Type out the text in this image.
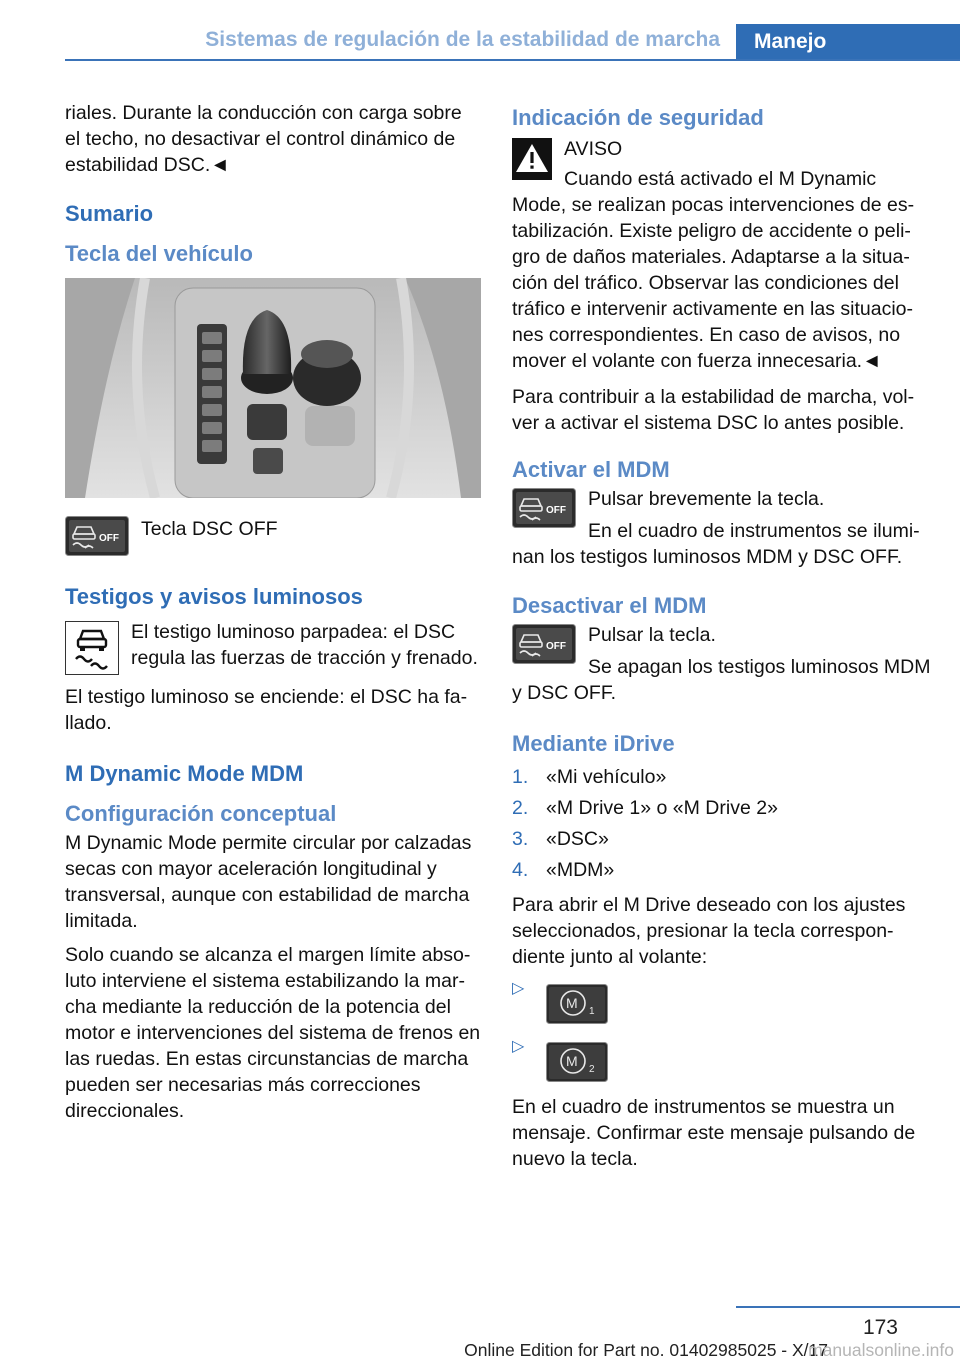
Sistemas de regulación de la estabilidad de marcha	Manejo

riales. Durante la conducción con carga sobre el techo, no desactivar el control dinámico de estabilidad DSC.◄

Sumario
Tecla del vehículo
OFF	Tecla DSC OFF

Testigos y avisos luminosos

El testigo luminoso parpadea: el DSC regula las fuerzas de tracción y frenado.

El testigo luminoso se enciende: el DSC ha fallado.

M Dynamic Mode MDM
Configuración conceptual

M Dynamic Mode permite circular por calzadas secas con mayor aceleración longitudinal y transversal, aunque con estabilidad de marcha limitada.

Solo cuando se alcanza el margen límite absoluto interviene el sistema estabilizando la marcha mediante la reducción de la potencia del motor e intervenciones del sistema de frenos en las ruedas. En estas circunstancias de marcha pueden ser necesarias más correcciones direccionales.

Indicación de seguridad

AVISO

Cuando está activado el M Dynamic Mode, se realizan pocas intervenciones de estabilización. Existe peligro de accidente o peligro de daños materiales. Adaptarse a la situación del tráfico. Observar las condiciones del tráfico e intervenir activamente en las situaciones correspondientes. En caso de avisos, no mover el volante con fuerza innecesaria.◄

Para contribuir a la estabilidad de marcha, volver a activar el sistema DSC lo antes posible.

Activar el MDM
OFF

Pulsar brevemente la tecla.

En el cuadro de instrumentos se iluminan los testigos luminosos MDM y DSC OFF.

Desactivar el MDM
OFF

Pulsar la tecla.

Se apagan los testigos luminosos MDM y DSC OFF.

Mediante iDrive
1. «Mi vehículo»
2. «M Drive 1» o «M Drive 2»
3. «DSC»
4. «MDM»

Para abrir el M Drive deseado con los ajustes seleccionados, presionar la tecla correspondiente junto al volante:

▷
M
1
▷
M
2

En el cuadro de instrumentos se muestra un mensaje. Confirmar este mensaje pulsando de nuevo la tecla.

173
Online Edition for Part no. 01402985025 - X/17
manualsonline.info
